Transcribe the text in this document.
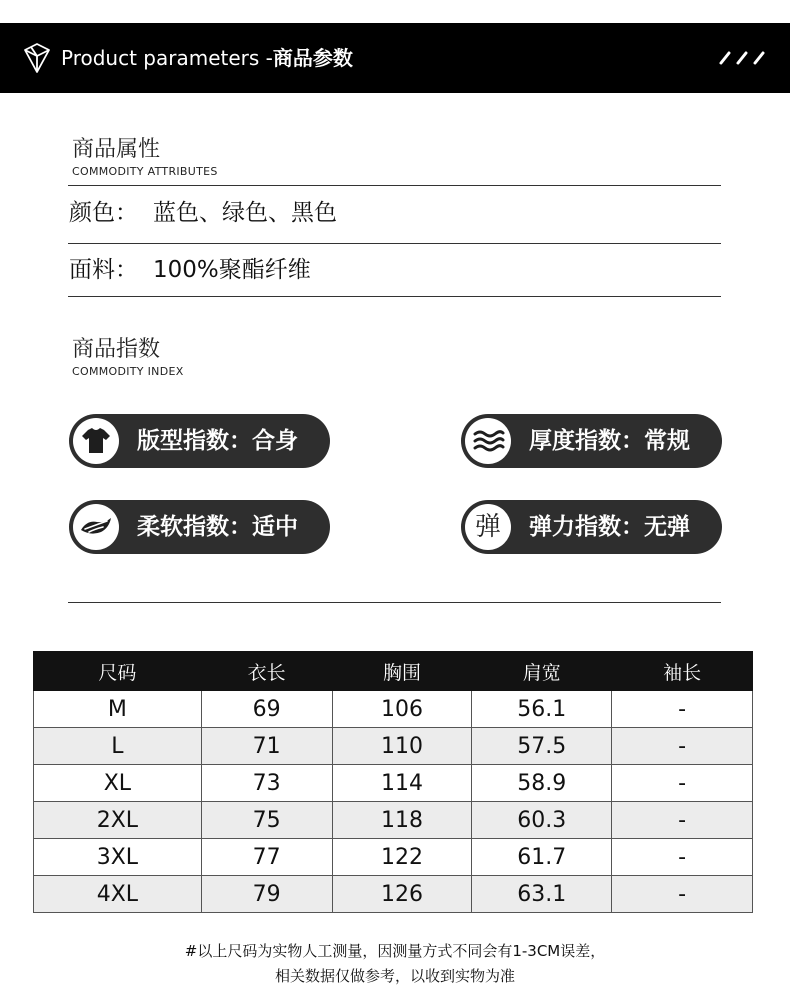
Product parameters -商品参数
商品属性
COMMODITY ATTRIBUTES
颜色： 蓝色、绿色、黑色
面料： 100%聚酯纤维
商品指数
COMMODITY INDEX
版型指数：合身	厚度指数：常规
柔软指数：适中	弹	弹力指数：无弹
尺码	衣长	胸围	肩宽	袖长
M	69	106	56.1	-
L	71	110	57.5	-
XL	73	114	58.9	-
2XL	75	118	60.3	-
3XL	77	122	61.7	-
4XL	79	126	63.1	-
#以上尺码为实物人工测量，因测量方式不同会有1-3CM误差，
相关数据仅做参考，以收到实物为准
